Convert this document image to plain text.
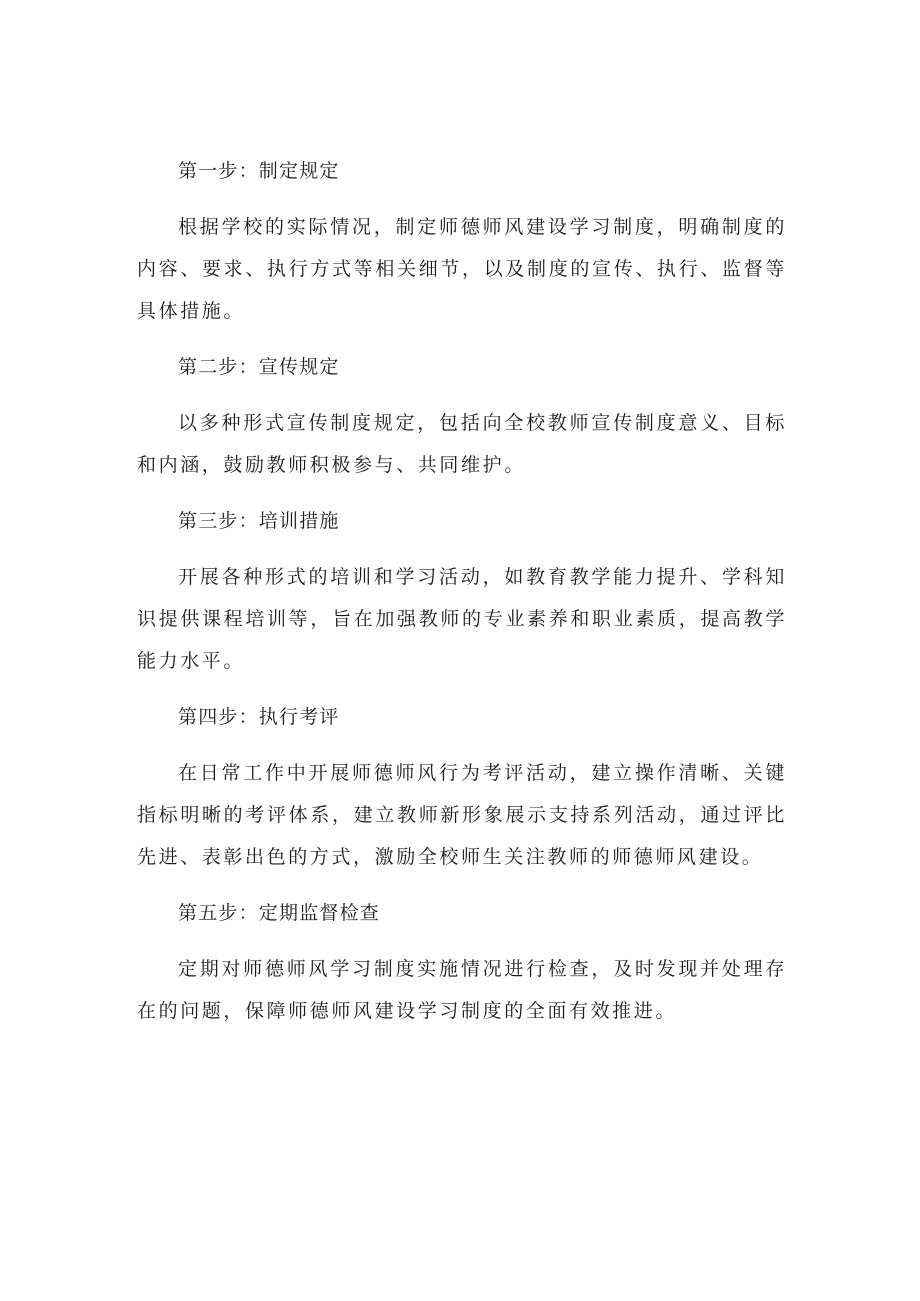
第一步：制定规定

根据学校的实际情况，制定师德师风建设学习制度，明确制度的内容、要求、执行方式等相关细节，以及制度的宣传、执行、监督等具体措施。

第二步：宣传规定

以多种形式宣传制度规定，包括向全校教师宣传制度意义、目标和内涵，鼓励教师积极参与、共同维护。

第三步：培训措施

开展各种形式的培训和学习活动，如教育教学能力提升、学科知识提供课程培训等，旨在加强教师的专业素养和职业素质，提高教学能力水平。

第四步：执行考评

在日常工作中开展师德师风行为考评活动，建立操作清晰、关键指标明晰的考评体系，建立教师新形象展示支持系列活动，通过评比先进、表彰出色的方式，激励全校师生关注教师的师德师风建设。

第五步：定期监督检查

定期对师德师风学习制度实施情况进行检查，及时发现并处理存在的问题，保障师德师风建设学习制度的全面有效推进。
